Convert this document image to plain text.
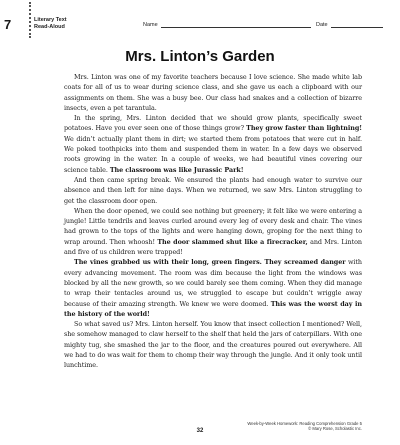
7	Literary Text
Read-Aloud	Name	Date
Mrs. Linton’s Garden

Mrs. Linton was one of my favorite teachers because I love science. She made white lab coats for all of us to wear during science class, and she gave us each a clipboard with our assignments on them. She was a busy bee. Our class had snakes and a collection of bizarre insects, even a pet tarantula.

In the spring, Mrs. Linton decided that we should grow plants, specifically sweet potatoes. Have you ever seen one of those things grow? They grow faster than lightning! We didn’t actually plant them in dirt; we started them from potatoes that were cut in half. We poked toothpicks into them and suspended them in water. In a few days we observed roots growing in the water. In a couple of weeks, we had beautiful vines covering our science table. The classroom was like Jurassic Park!

And then came spring break. We ensured the plants had enough water to survive our absence and then left for nine days. When we returned, we saw Mrs. Linton struggling to get the classroom door open.

When the door opened, we could see nothing but greenery; it felt like we were entering a jungle! Little tendrils and leaves curled around every leg of every desk and chair. The vines had grown to the tops of the lights and were hanging down, groping for the next thing to wrap around. Then whoosh! The door slammed shut like a firecracker, and Mrs. Linton and five of us children were trapped!

The vines grabbed us with their long, green fingers. They screamed danger with every advancing movement. The room was dim because the light from the windows was blocked by all the new growth, so we could barely see them coming. When they did manage to wrap their tentacles around us, we struggled to escape but couldn’t wriggle away because of their amazing strength. We knew we were doomed. This was the worst day in the history of the world!

So what saved us? Mrs. Linton herself. You know that insect collection I mentioned? Well, she somehow managed to claw herself to the shelf that held the jars of caterpillars. With one mighty tug, she smashed the jar to the floor, and the creatures poured out everywhere. All we had to do was wait for them to chomp their way through the jungle. And it only took until lunchtime.

Week-by-Week Homework: Reading Comprehension Grade 5
© Mary Rose, Scholastic Inc.
32
